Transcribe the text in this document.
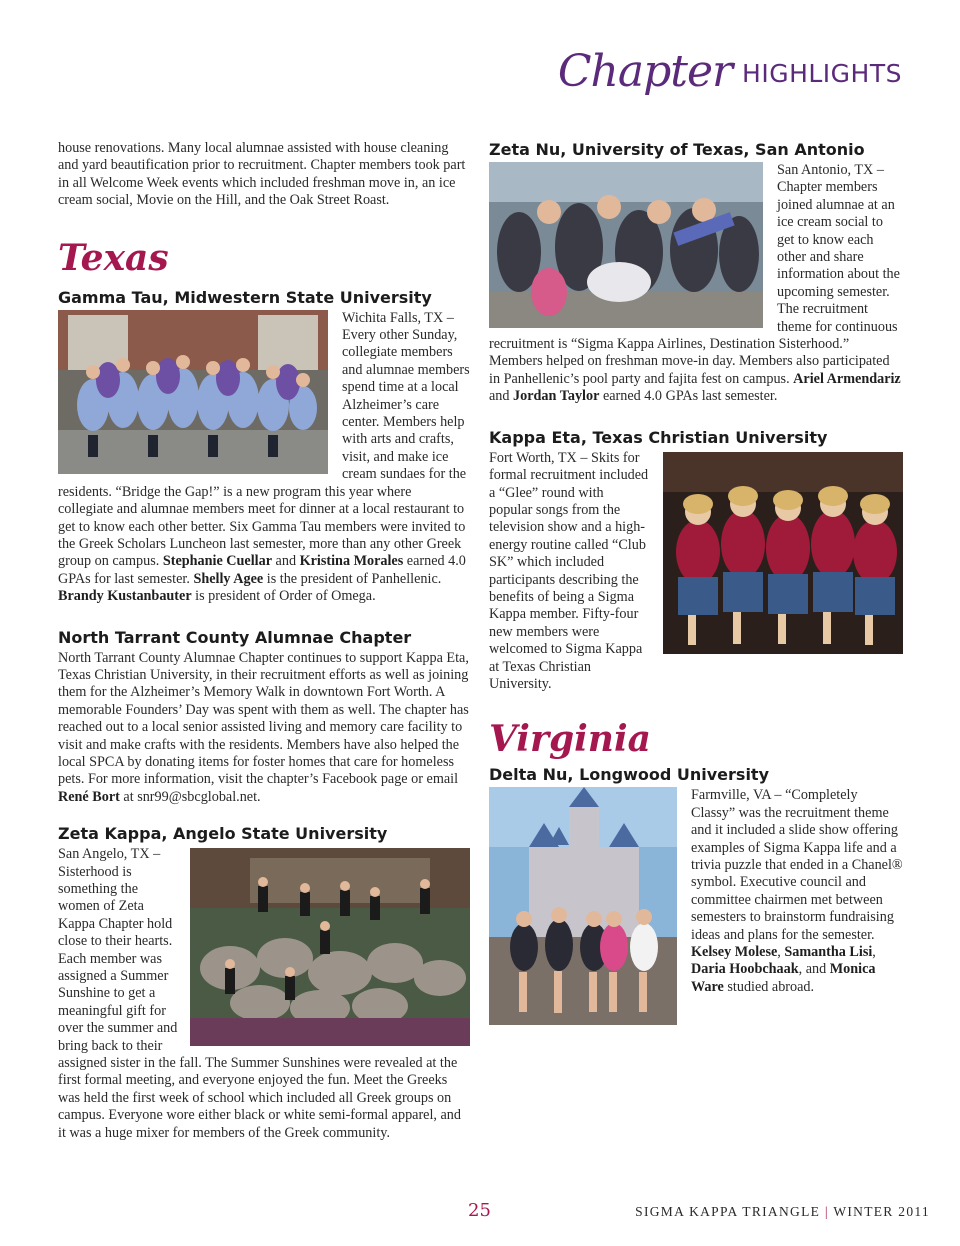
Chapter HIGHLIGHTS

house renovations. Many local alumnae assisted with house cleaning and yard beautification prior to recruitment. Chapter members took part in all Welcome Week events which included freshman move in, an ice cream social, Movie on the Hill, and the Oak Street Roast.

Texas
Gamma Tau, Midwestern State University

Wichita Falls, TX – Every other Sunday, collegiate members and alumnae members spend time at a local Alzheimer’s care center. Members help with arts and crafts, visit, and make ice cream sundaes for the residents. “Bridge the Gap!” is a new program this year where collegiate and alumnae members meet for dinner at a local restaurant to get to know each other better. Six Gamma Tau members were invited to the Greek Scholars Luncheon last semester, more than any other Greek group on campus. Stephanie Cuellar and Kristina Morales earned 4.0 GPAs for last semester. Shelly Agee is the president of Panhellenic. Brandy Kustanbauter is president of Order of Omega.

North Tarrant County Alumnae Chapter

North Tarrant County Alumnae Chapter continues to support Kappa Eta, Texas Christian University, in their recruitment efforts as well as joining them for the Alzheimer’s Memory Walk in downtown Fort Worth. A memorable Founders’ Day was spent with them as well. The chapter has reached out to a local senior assisted living and memory care facility to visit and make crafts with the residents. Members have also helped the local SPCA by donating items for foster homes that care for homeless pets. For more information, visit the chapter’s Facebook page or email René Bort at snr99@sbcglobal.net.

Zeta Kappa, Angelo State University

San Angelo, TX – Sisterhood is something the women of Zeta Kappa Chapter hold close to their hearts. Each member was assigned a Summer Sunshine to get a meaningful gift for over the summer and bring back to their assigned sister in the fall. The Summer Sunshines were revealed at the first formal meeting, and everyone enjoyed the fun. Meet the Greeks was held the first week of school which included all Greek groups on campus. Everyone wore either black or white semi-formal apparel, and it was a huge mixer for members of the Greek community.

Zeta Nu, University of Texas, San Antonio

San Antonio, TX – Chapter members joined alumnae at an ice cream social to get to know each other and share information about the upcoming semester. The recruitment theme for continuous recruitment is “Sigma Kappa Airlines, Destination Sisterhood.” Members helped on freshman move-in day. Members also participated in Panhellenic’s pool party and fajita fest on campus. Ariel Armendariz and Jordan Taylor earned 4.0 GPAs last semester.

Kappa Eta, Texas Christian University

Fort Worth, TX – Skits for formal recruitment included a “Glee” round with popular songs from the television show and a high-energy routine called “Club SK” which included participants describing the benefits of being a Sigma Kappa member. Fifty-four new members were welcomed to Sigma Kappa at Texas Christian University.

Virginia
Delta Nu, Longwood University

Farmville, VA – “Completely Classy” was the recruitment theme and it included a slide show offering examples of Sigma Kappa life and a trivia puzzle that ended in a Chanel® symbol. Executive council and committee chairmen met between semesters to brainstorm fundraising ideas and plans for the semester. Kelsey Molese, Samantha Lisi, Daria Hoobchaak, and Monica Ware studied abroad.

25	SIGMA KAPPA TRIANGLE | WINTER 2011
